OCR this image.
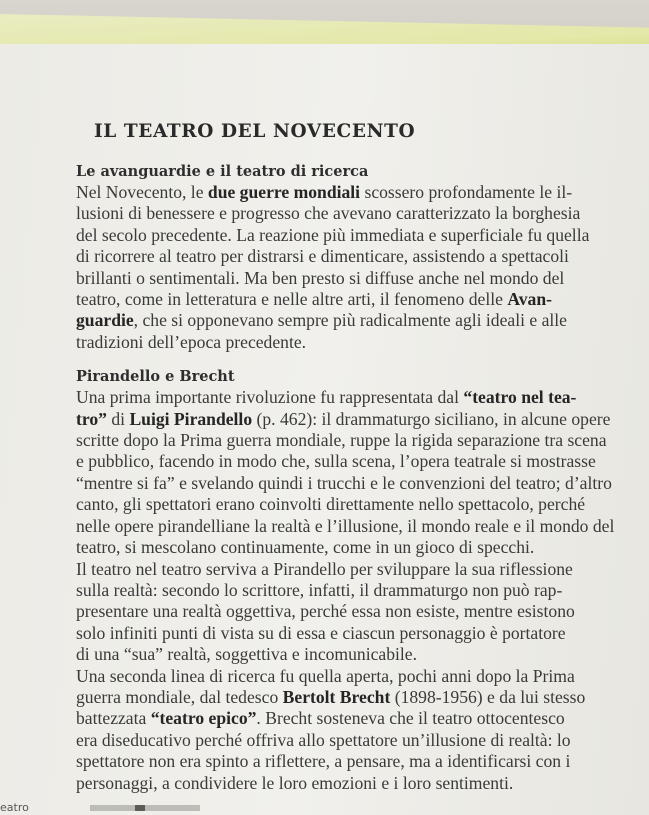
IL TEATRO DEL NOVECENTO
Le avanguardie e il teatro di ricerca

Nel Novecento, le due guerre mondiali scossero profondamente le il-
lusioni di benessere e progresso che avevano caratterizzato la borghesia
del secolo precedente. La reazione più immediata e superficiale fu quella
di ricorrere al teatro per distrarsi e dimenticare, assistendo a spettacoli
brillanti o sentimentali. Ma ben presto si diffuse anche nel mondo del
teatro, come in letteratura e nelle altre arti, il fenomeno delle Avan-
guardie, che si opponevano sempre più radicalmente agli ideali e alle
tradizioni dell’epoca precedente.

Pirandello e Brecht

Una prima importante rivoluzione fu rappresentata dal “teatro nel tea-
tro” di Luigi Pirandello (p. 462): il drammaturgo siciliano, in alcune opere
scritte dopo la Prima guerra mondiale, ruppe la rigida separazione tra scena
e pubblico, facendo in modo che, sulla scena, l’opera teatrale si mostrasse
“mentre si fa” e svelando quindi i trucchi e le convenzioni del teatro; d’altro
canto, gli spettatori erano coinvolti direttamente nello spettacolo, perché
nelle opere pirandelliane la realtà e l’illusione, il mondo reale e il mondo del
teatro, si mescolano continuamente, come in un gioco di specchi.

Il teatro nel teatro serviva a Pirandello per sviluppare la sua riflessione
sulla realtà: secondo lo scrittore, infatti, il drammaturgo non può rap-
presentare una realtà oggettiva, perché essa non esiste, mentre esistono
solo infiniti punti di vista su di essa e ciascun personaggio è portatore
di una “sua” realtà, soggettiva e incomunicabile.

Una seconda linea di ricerca fu quella aperta, pochi anni dopo la Prima
guerra mondiale, dal tedesco Bertolt Brecht (1898-1956) e da lui stesso
battezzata “teatro epico”. Brecht sosteneva che il teatro ottocentesco
era diseducativo perché offriva allo spettatore un’illusione di realtà: lo
spettatore non era spinto a riflettere, a pensare, ma a identificarsi con i
personaggi, a condividere le loro emozioni e i loro sentimenti.

eatro
